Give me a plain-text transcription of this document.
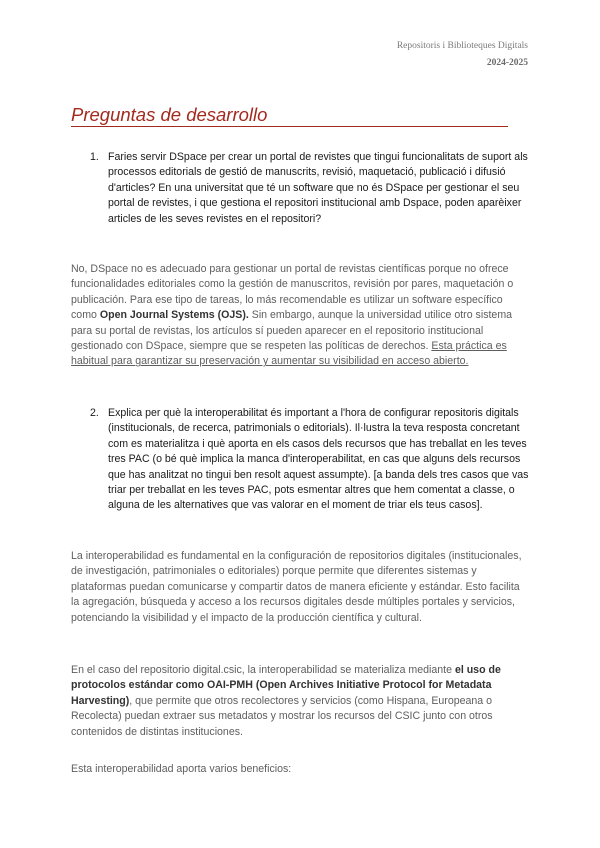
Repositoris i Biblioteques Digitals
2024-2025
Preguntas de desarrollo
1. Faries servir DSpace per crear un portal de revistes que tingui funcionalitats de suport als processos editorials de gestió de manuscrits, revisió, maquetació, publicació i difusió d'articles? En una universitat que té un software que no és DSpace per gestionar el seu portal de revistes, i que gestiona el repositori institucional amb Dspace, poden aparèixer articles de les seves revistes en el repositori?
No, DSpace no es adecuado para gestionar un portal de revistas científicas porque no ofrece funcionalidades editoriales como la gestión de manuscritos, revisión por pares, maquetación o publicación. Para ese tipo de tareas, lo más recomendable es utilizar un software específico como Open Journal Systems (OJS). Sin embargo, aunque la universidad utilice otro sistema para su portal de revistas, los artículos sí pueden aparecer en el repositorio institucional gestionado con DSpace, siempre que se respeten las políticas de derechos. Esta práctica es habitual para garantizar su preservación y aumentar su visibilidad en acceso abierto.
2. Explica per què la interoperabilitat és important a l'hora de configurar repositoris digitals (institucionals, de recerca, patrimonials o editorials). Il·lustra la teva resposta concretant com es materialitza i què aporta en els casos dels recursos que has treballat en les teves tres PAC (o bé què implica la manca d'interoperabilitat, en cas que alguns dels recursos que has analitzat no tingui ben resolt aquest assumpte). [a banda dels tres casos que vas triar per treballat en les teves PAC, pots esmentar altres que hem comentat a classe, o alguna de les alternatives que vas valorar en el moment de triar els teus casos].
La interoperabilidad es fundamental en la configuración de repositorios digitales (institucionales, de investigación, patrimoniales o editoriales) porque permite que diferentes sistemas y plataformas puedan comunicarse y compartir datos de manera eficiente y estándar. Esto facilita la agregación, búsqueda y acceso a los recursos digitales desde múltiples portales y servicios, potenciando la visibilidad y el impacto de la producción científica y cultural.
En el caso del repositorio digital.csic, la interoperabilidad se materializa mediante el uso de protocolos estándar como OAI-PMH (Open Archives Initiative Protocol for Metadata Harvesting), que permite que otros recolectores y servicios (como Hispana, Europeana o Recolecta) puedan extraer sus metadatos y mostrar los recursos del CSIC junto con otros contenidos de distintas instituciones.
Esta interoperabilidad aporta varios beneficios:
